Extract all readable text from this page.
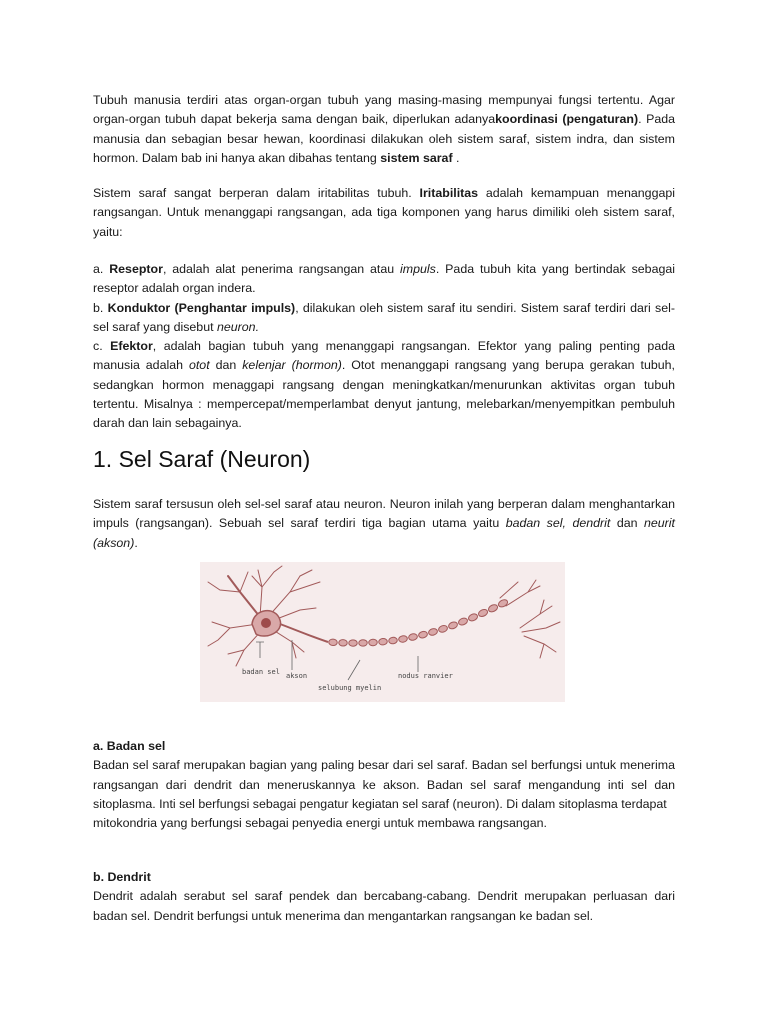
Tubuh manusia terdiri atas organ-organ tubuh yang masing-masing mempunyai fungsi tertentu. Agar organ-organ tubuh dapat bekerja sama dengan baik, diperlukan adanyakoordinasi (pengaturan). Pada manusia dan sebagian besar hewan, koordinasi dilakukan oleh sistem saraf, sistem indra, dan sistem hormon. Dalam bab ini hanya akan dibahas tentang sistem saraf .

Sistem saraf sangat berperan dalam iritabilitas tubuh. Iritabilitas adalah kemampuan menanggapi rangsangan. Untuk menanggapi rangsangan, ada tiga komponen yang harus dimiliki oleh sistem saraf, yaitu:

a. Reseptor, adalah alat penerima rangsangan atau impuls. Pada tubuh kita yang bertindak sebagai reseptor adalah organ indera.
b. Konduktor (Penghantar impuls), dilakukan oleh sistem saraf itu sendiri. Sistem saraf terdiri dari sel-sel saraf yang disebut neuron.
c. Efektor, adalah bagian tubuh yang menanggapi rangsangan. Efektor yang paling penting pada manusia adalah otot dan kelenjar (hormon). Otot menanggapi rangsang yang berupa gerakan tubuh, sedangkan hormon menaggapi rangsang dengan meningkatkan/menurunkan aktivitas organ tubuh tertentu. Misalnya : mempercepat/memperlambat denyut jantung, melebarkan/menyempitkan pembuluh darah dan lain sebagainya.

1. Sel Saraf (Neuron)

Sistem saraf tersusun oleh sel-sel saraf atau neuron. Neuron inilah yang berperan dalam menghantarkan impuls (rangsangan). Sebuah sel saraf terdiri tiga bagian utama yaitu badan sel, dendrit dan neurit (akson).

badan sel akson	nodus ranvier
selubung myelin

a. Badan sel
Badan sel saraf merupakan bagian yang paling besar dari sel saraf. Badan sel berfungsi untuk menerima rangsangan dari dendrit dan meneruskannya ke akson. Badan sel saraf mengandung inti sel dan sitoplasma. Inti sel berfungsi sebagai pengatur kegiatan sel saraf (neuron). Di dalam sitoplasma terdapat
mitokondria yang berfungsi sebagai penyedia energi untuk membawa rangsangan.

b. Dendrit
Dendrit adalah serabut sel saraf pendek dan bercabang-cabang. Dendrit merupakan perluasan dari badan sel. Dendrit berfungsi untuk menerima dan mengantarkan rangsangan ke badan sel.
